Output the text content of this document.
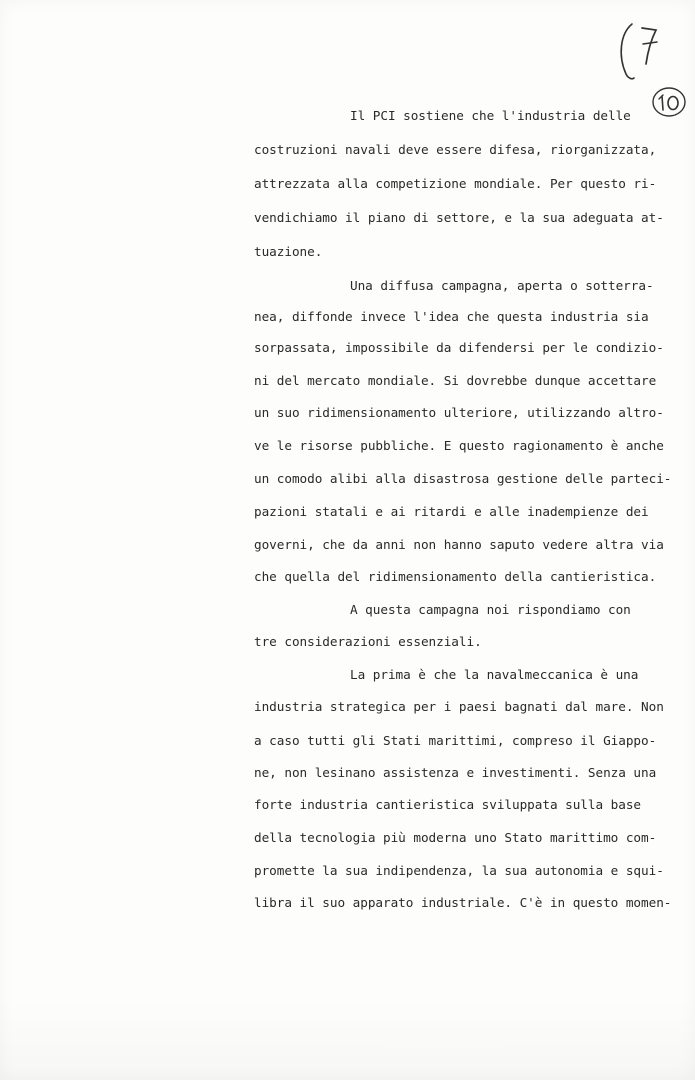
Il PCI sostiene che l'industria delle

costruzioni navali deve essere difesa, riorganizzata,

attrezzata alla competizione mondiale. Per questo ri-

vendichiamo il piano di settore, e la sua adeguata at-

tuazione.

Una diffusa campagna, aperta o sotterra-

nea, diffonde invece l'idea che questa industria sia

sorpassata, impossibile da difendersi per le condizio-

ni del mercato mondiale. Si dovrebbe dunque accettare

un suo ridimensionamento ulteriore, utilizzando altro-

ve le risorse pubbliche. E questo ragionamento è anche

un comodo alibi alla disastrosa gestione delle parteci-

pazioni statali e ai ritardi e alle inadempienze dei

governi, che da anni non hanno saputo vedere altra via

che quella del ridimensionamento della cantieristica.

A questa campagna noi rispondiamo con

tre considerazioni essenziali.

La prima è che la navalmeccanica è una

industria strategica per i paesi bagnati dal mare. Non

a caso tutti gli Stati marittimi, compreso il Giappo-

ne, non lesinano assistenza e investimenti. Senza una

forte industria cantieristica sviluppata sulla base

della tecnologia più moderna uno Stato marittimo com-

promette la sua indipendenza, la sua autonomia e squi-

libra il suo apparato industriale. C'è in questo momen-
